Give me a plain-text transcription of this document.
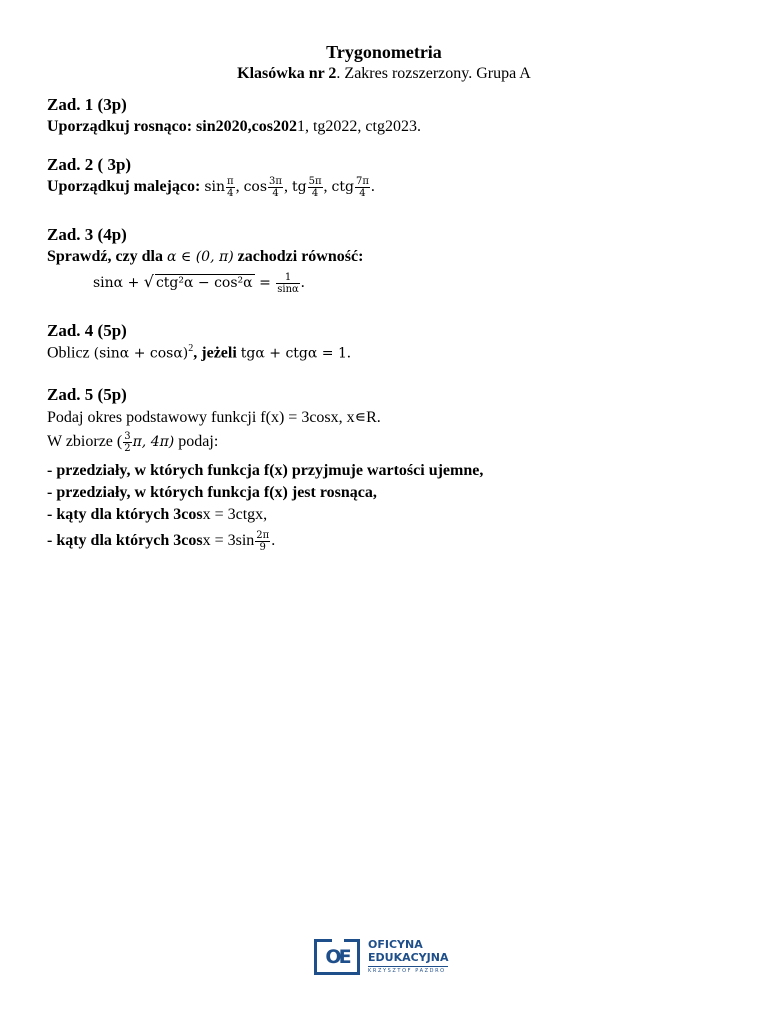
Trygonometria
Klasówka nr 2. Zakres rozszerzony. Grupa A
Zad. 1 (3p)
Uporządkuj rosnąco: sin2020,cos2021, tg2022, ctg2023.
Zad. 2 ( 3p)
Uporządkuj malejąco: $\sin \frac{\pi}{4}$ , $\cos \frac{3\pi}{4}$ , tg $\frac{5\pi}{4}$ , ctg $\frac{7\pi}{4}$ .
Zad. 3 (4p)
Sprawdź, czy dla α ∈ (0, π) zachodzi równość:
sinα + √ $ctg^2\alpha - \cos^2\alpha = \frac{1}{\sin\alpha}$ .
Zad. 4 (5p)
Oblicz $(\sin\alpha + \cos\alpha)^2$, jeżeli tgα + ctgα = 1.
Zad. 5 (5p)
Podaj okres podstawowy funkcji f(x) = 3cosx, x∊R.
W zbiorze ( $\frac{3}{2} \pi$, 4π) podaj:
- przedziały, w których funkcja f(x) przyjmuje wartości ujemne,
- przedziały, w których funkcja f(x) jest rosnąca,
- kąty dla których 3cosx = 3ctgx,
- kąty dla których $3\cos x = 3\sin \frac{2\pi}{9}$ .
OE
OFICYNA
EDUKACYJNA
KRZYSZTOF PAZDRO
